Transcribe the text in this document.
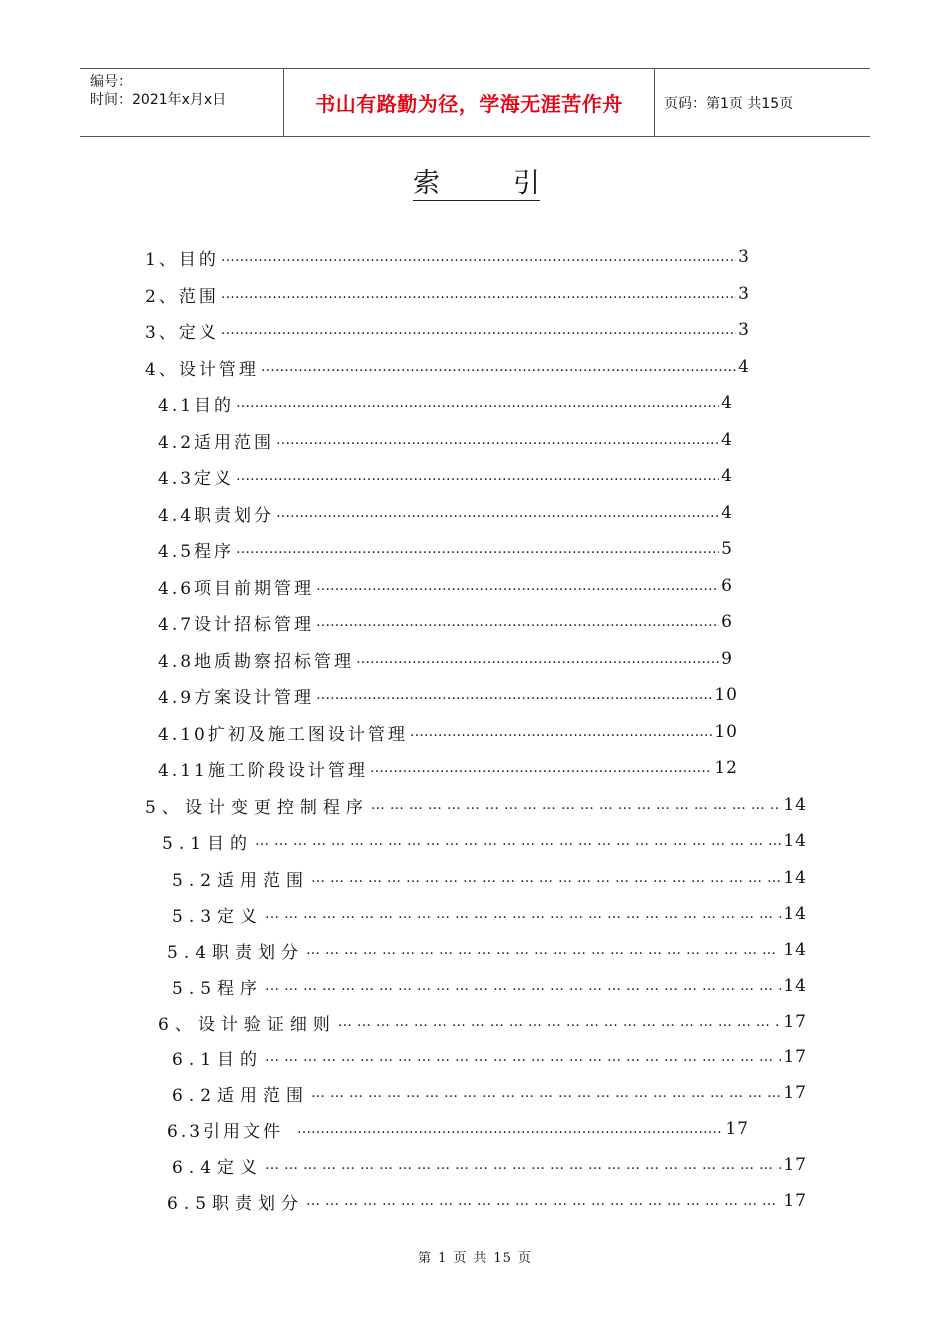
编号：
时间：2021年x月x日	书山有路勤为径，学海无涯苦作舟	页码：第1页 共15页
索	引
1、目的 …………………………………………………………………………………………………………………………………………………………	3
2、范围 …………………………………………………………………………………………………………………………………………………………	3
3、定义 …………………………………………………………………………………………………………………………………………………………	3
4、设计管理 …………………………………………………………………………………………………………………………………………………………	4
4.1目的 …………………………………………………………………………………………………………………………………………………………	4
4.2适用范围 …………………………………………………………………………………………………………………………………………………………	4
4.3定义 …………………………………………………………………………………………………………………………………………………………	4
4.4职责划分 …………………………………………………………………………………………………………………………………………………………	4
4.5程序 …………………………………………………………………………………………………………………………………………………………	5
4.6项目前期管理 …………………………………………………………………………………………………………………………………………………………	6
4.7设计招标管理 …………………………………………………………………………………………………………………………………………………………	6
4.8地质勘察招标管理 …………………………………………………………………………………………………………………………………………………………	9
4.9方案设计管理 …………………………………………………………………………………………………………………………………………………………	10
4.10扩初及施工图设计管理 …………………………………………………………………………………………………………………………………………………………	10
4.11施工阶段设计管理 …………………………………………………………………………………………………………………………………………………………	12
5、设计变更控制程序 …………………………………………………………………………………………………………………………………………………………	14
5.1目的 …………………………………………………………………………………………………………………………………………………………	14
5.2适用范围 …………………………………………………………………………………………………………………………………………………………	14
5.3定义 …………………………………………………………………………………………………………………………………………………………	14
5.4职责划分 …………………………………………………………………………………………………………………………………………………………	14
5.5程序 …………………………………………………………………………………………………………………………………………………………	14
6、设计验证细则 …………………………………………………………………………………………………………………………………………………………	17
6.1目的 …………………………………………………………………………………………………………………………………………………………	17
6.2适用范围 …………………………………………………………………………………………………………………………………………………………	17
6.3引用文件 …………………………………………………………………………………………………………………………………………………………	17
6.4定义 …………………………………………………………………………………………………………………………………………………………	17
6.5职责划分 …………………………………………………………………………………………………………………………………………………………	17
第 1 页 共 15 页
